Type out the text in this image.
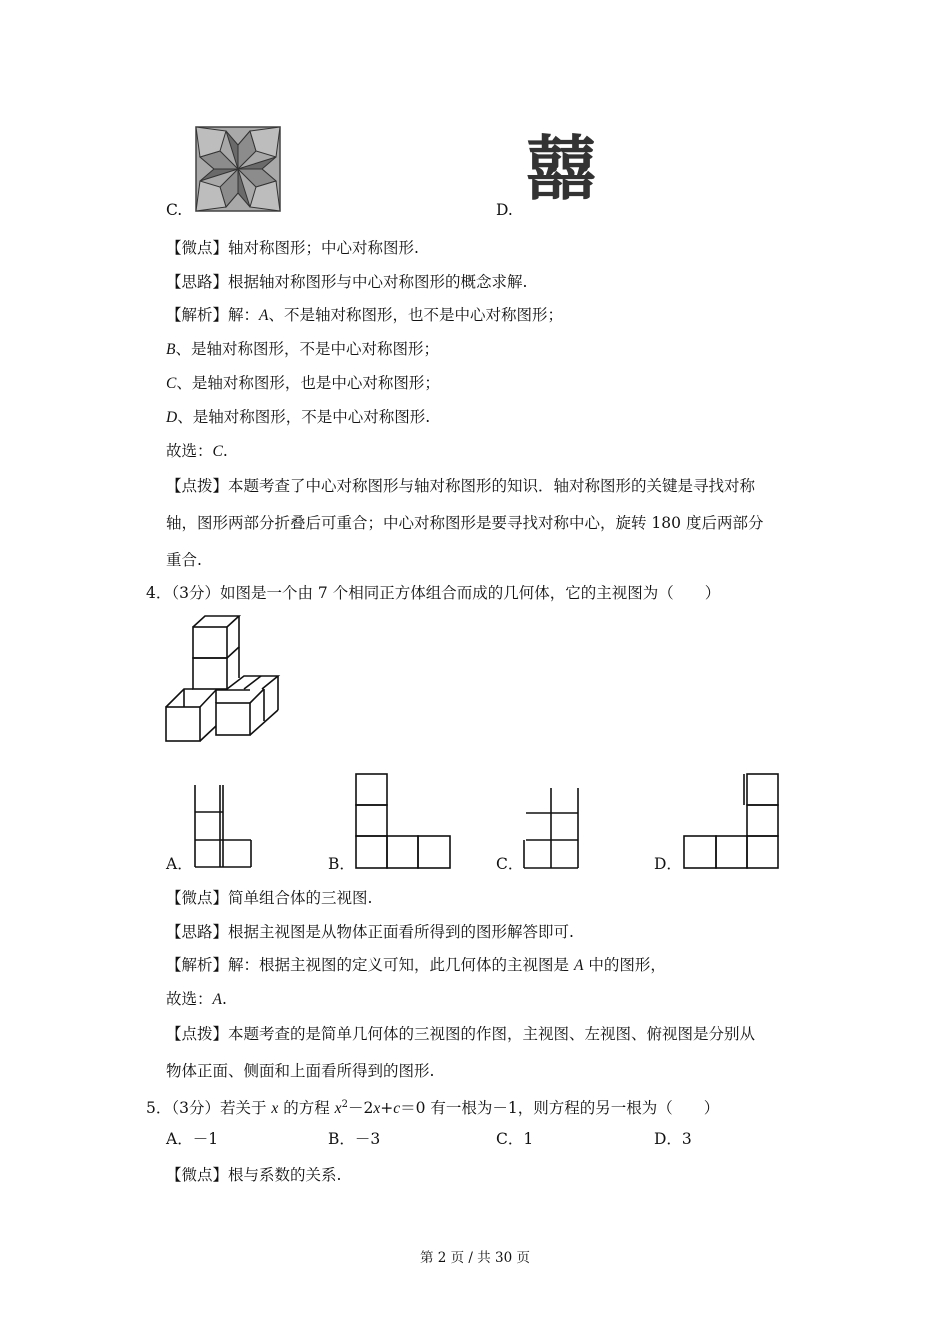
C.	D. 囍
【微点】轴对称图形；中心对称图形.
【思路】根据轴对称图形与中心对称图形的概念求解.
【解析】解：A、不是轴对称图形，也不是中心对称图形；
B、是轴对称图形，不是中心对称图形；
C、是轴对称图形，也是中心对称图形；
D、是轴对称图形，不是中心对称图形.
故选：C.
【点拨】本题考查了中心对称图形与轴对称图形的知识．轴对称图形的关键是寻找对称
轴，图形两部分折叠后可重合；中心对称图形是要寻找对称中心，旋转 180 度后两部分
重合.
4．（3分）如图是一个由 7 个相同正方体组合而成的几何体，它的主视图为（　　）
A．	B．	C．	D．
【微点】简单组合体的三视图.
【思路】根据主视图是从物体正面看所得到的图形解答即可.
【解析】解：根据主视图的定义可知，此几何体的主视图是 A 中的图形，
故选：A.
【点拨】本题考查的是简单几何体的三视图的作图，主视图、左视图、俯视图是分别从
物体正面、侧面和上面看所得到的图形.
5．（3分）若关于 x 的方程 $x^2-2x+c=0$ 有一根为－1，则方程的另一根为（　　）
A．－1	B．－3	C．1	D．3
【微点】根与系数的关系.
第 2 页 / 共 30 页
